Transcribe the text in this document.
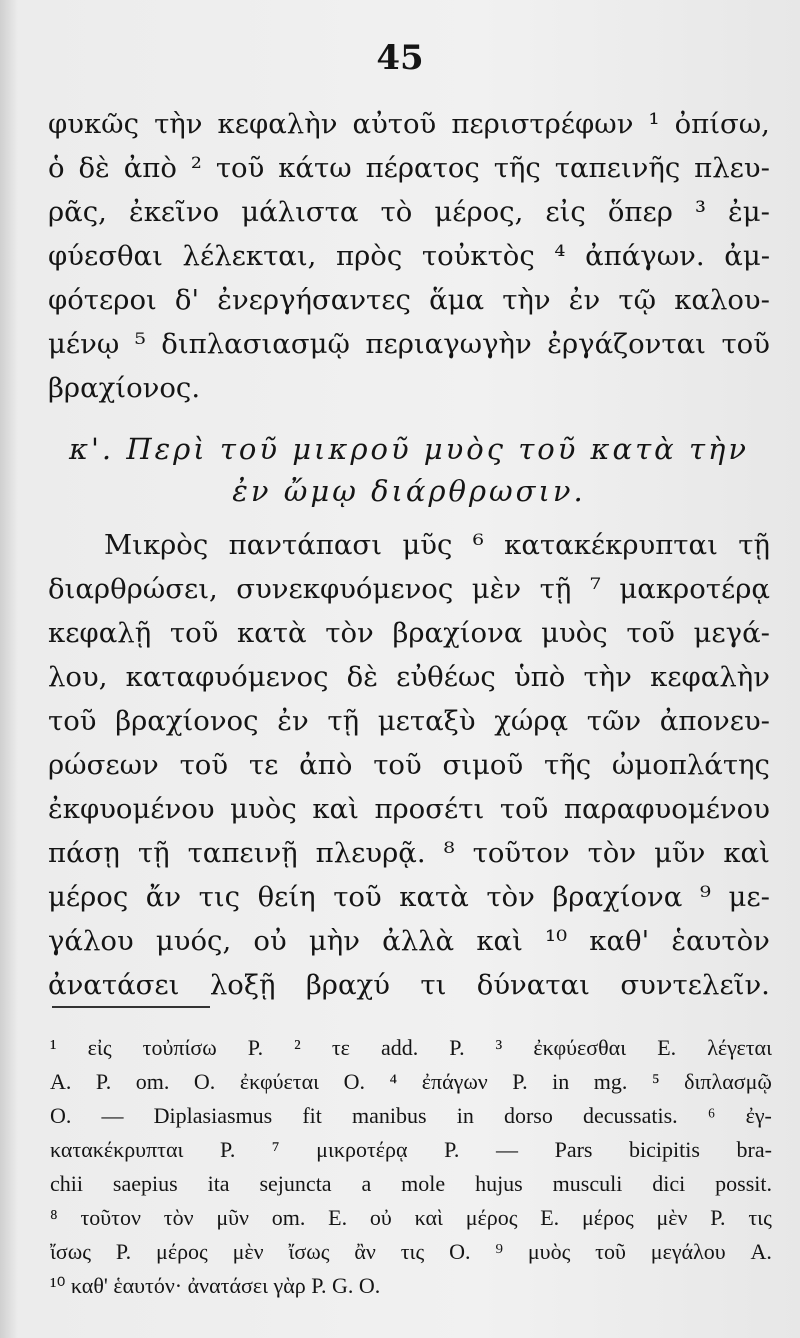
45
φυκῶς τὴν κεφαλὴν αὐτοῦ περιστρέφων ¹ ὀπίσω,
ὁ δὲ ἀπὸ ² τοῦ κάτω πέρατος τῆς ταπεινῆς πλευ-
ρᾶς, ἐκεῖνο μάλιστα τὸ μέρος, εἰς ὅπερ ³ ἐμ-
φύεσθαι λέλεκται, πρὸς τοὐκτὸς ⁴ ἀπάγων. ἀμ-
φότεροι δ' ἐνεργήσαντες ἅμα τὴν ἐν τῷ καλου-
μένῳ ⁵ διπλασιασμῷ περιαγωγὴν ἐργάζονται τοῦ
βραχίονος.
κ'. Περὶ τοῦ μικροῦ μυὸς τοῦ κατὰ τὴν
ἐν ὤμῳ διάρθρωσιν.
Μικρὸς παντάπασι μῦς ⁶ κατακέκρυπται τῇ
διαρθρώσει, συνεκφυόμενος μὲν τῇ ⁷ μακροτέρᾳ
κεφαλῇ τοῦ κατὰ τὸν βραχίονα μυὸς τοῦ μεγά-
λου, καταφυόμενος δὲ εὐθέως ὑπὸ τὴν κεφαλὴν
τοῦ βραχίονος ἐν τῇ μεταξὺ χώρᾳ τῶν ἀπονευ-
ρώσεων τοῦ τε ἀπὸ τοῦ σιμοῦ τῆς ὠμοπλάτης
ἐκφυομένου μυὸς καὶ προσέτι τοῦ παραφυομένου
πάσῃ τῇ ταπεινῇ πλευρᾷ. ⁸ τοῦτον τὸν μῦν καὶ
μέρος ἄν τις θείη τοῦ κατὰ τὸν βραχίονα ⁹ με-
γάλου μυός, οὐ μὴν ἀλλὰ καὶ ¹⁰ καθ' ἑαυτὸν
ἀνατάσει λοξῇ βραχύ τι δύναται συντελεῖν.
¹ εἰς τοὐπίσω P. ² τε add. P. ³ ἐκφύεσθαι E. λέγεται
A. P. om. O. ἐκφύεται O. ⁴ ἐπάγων P. in mg. ⁵ διπλασμῷ
O. — Diplasiasmus fit manibus in dorso decussatis. ⁶ ἐγ-
κατακέκρυπται P. ⁷ μικροτέρᾳ P. — Pars bicipitis bra-
chii saepius ita sejuncta a mole hujus musculi dici possit.
⁸ τοῦτον τὸν μῦν om. E. οὐ καὶ μέρος E. μέρος μὲν P. τις
ἴσως P. μέρος μὲν ἴσως ἂν τις O. ⁹ μυὸς τοῦ μεγάλου A.
¹⁰ καθ' ἑαυτόν· ἀνατάσει γὰρ P. G. O.
